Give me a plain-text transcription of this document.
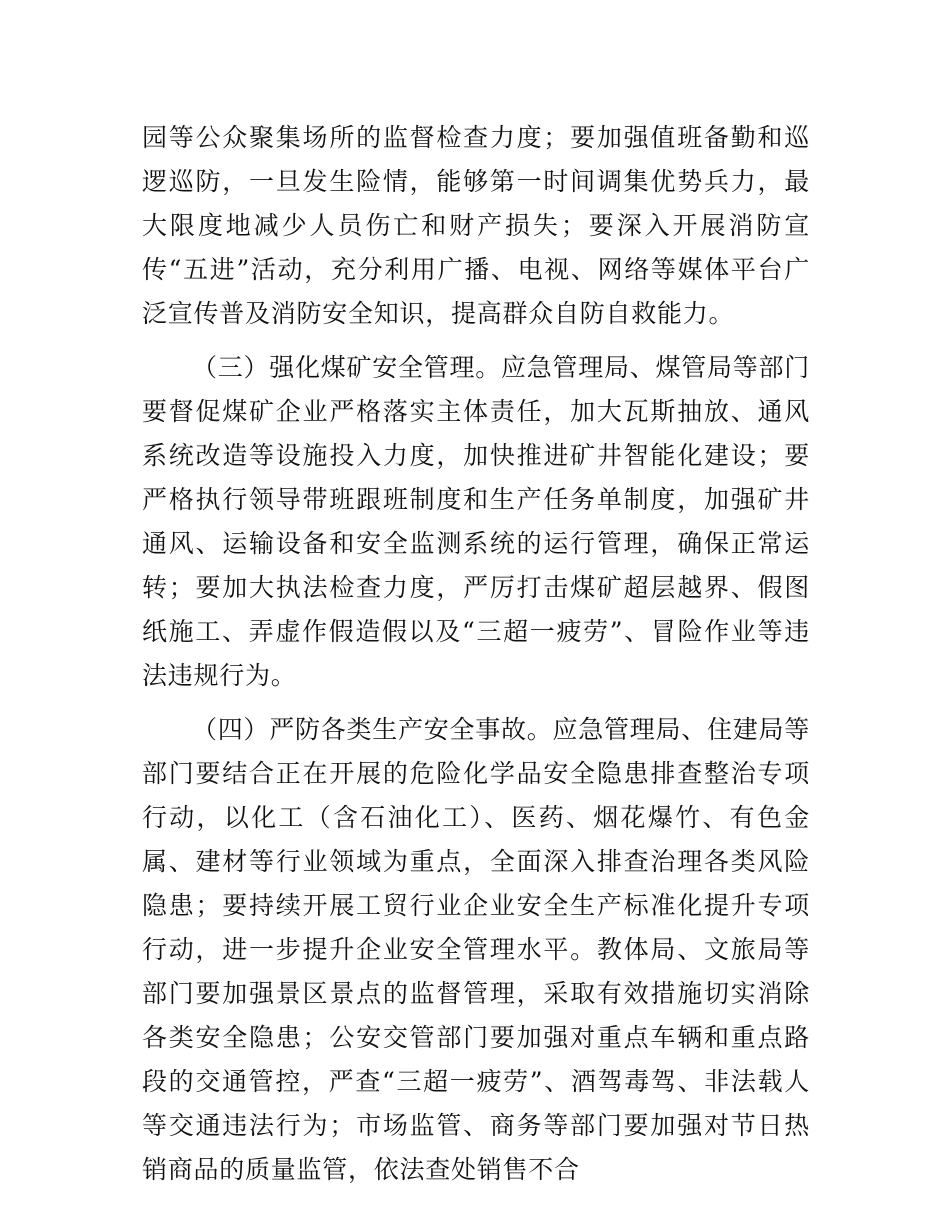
园等公众聚集场所的监督检查力度；要加强值班备勤和巡逻巡防，一旦发生险情，能够第一时间调集优势兵力，最大限度地减少人员伤亡和财产损失；要深入开展消防宣传“五进”活动，充分利用广播、电视、网络等媒体平台广泛宣传普及消防安全知识，提高群众自防自救能力。

（三）强化煤矿安全管理。应急管理局、煤管局等部门要督促煤矿企业严格落实主体责任，加大瓦斯抽放、通风系统改造等设施投入力度，加快推进矿井智能化建设；要严格执行领导带班跟班制度和生产任务单制度，加强矿井通风、运输设备和安全监测系统的运行管理，确保正常运转；要加大执法检查力度，严厉打击煤矿超层越界、假图纸施工、弄虚作假造假以及“三超一疲劳”、冒险作业等违法违规行为。

（四）严防各类生产安全事故。应急管理局、住建局等部门要结合正在开展的危险化学品安全隐患排查整治专项行动，以化工（含石油化工）、医药、烟花爆竹、有色金属、建材等行业领域为重点，全面深入排查治理各类风险隐患；要持续开展工贸行业企业安全生产标准化提升专项行动，进一步提升企业安全管理水平。教体局、文旅局等部门要加强景区景点的监督管理，采取有效措施切实消除各类安全隐患；公安交管部门要加强对重点车辆和重点路段的交通管控，严查“三超一疲劳”、酒驾毒驾、非法载人等交通违法行为；市场监管、商务等部门要加强对节日热销商品的质量监管，依法查处销售不合
